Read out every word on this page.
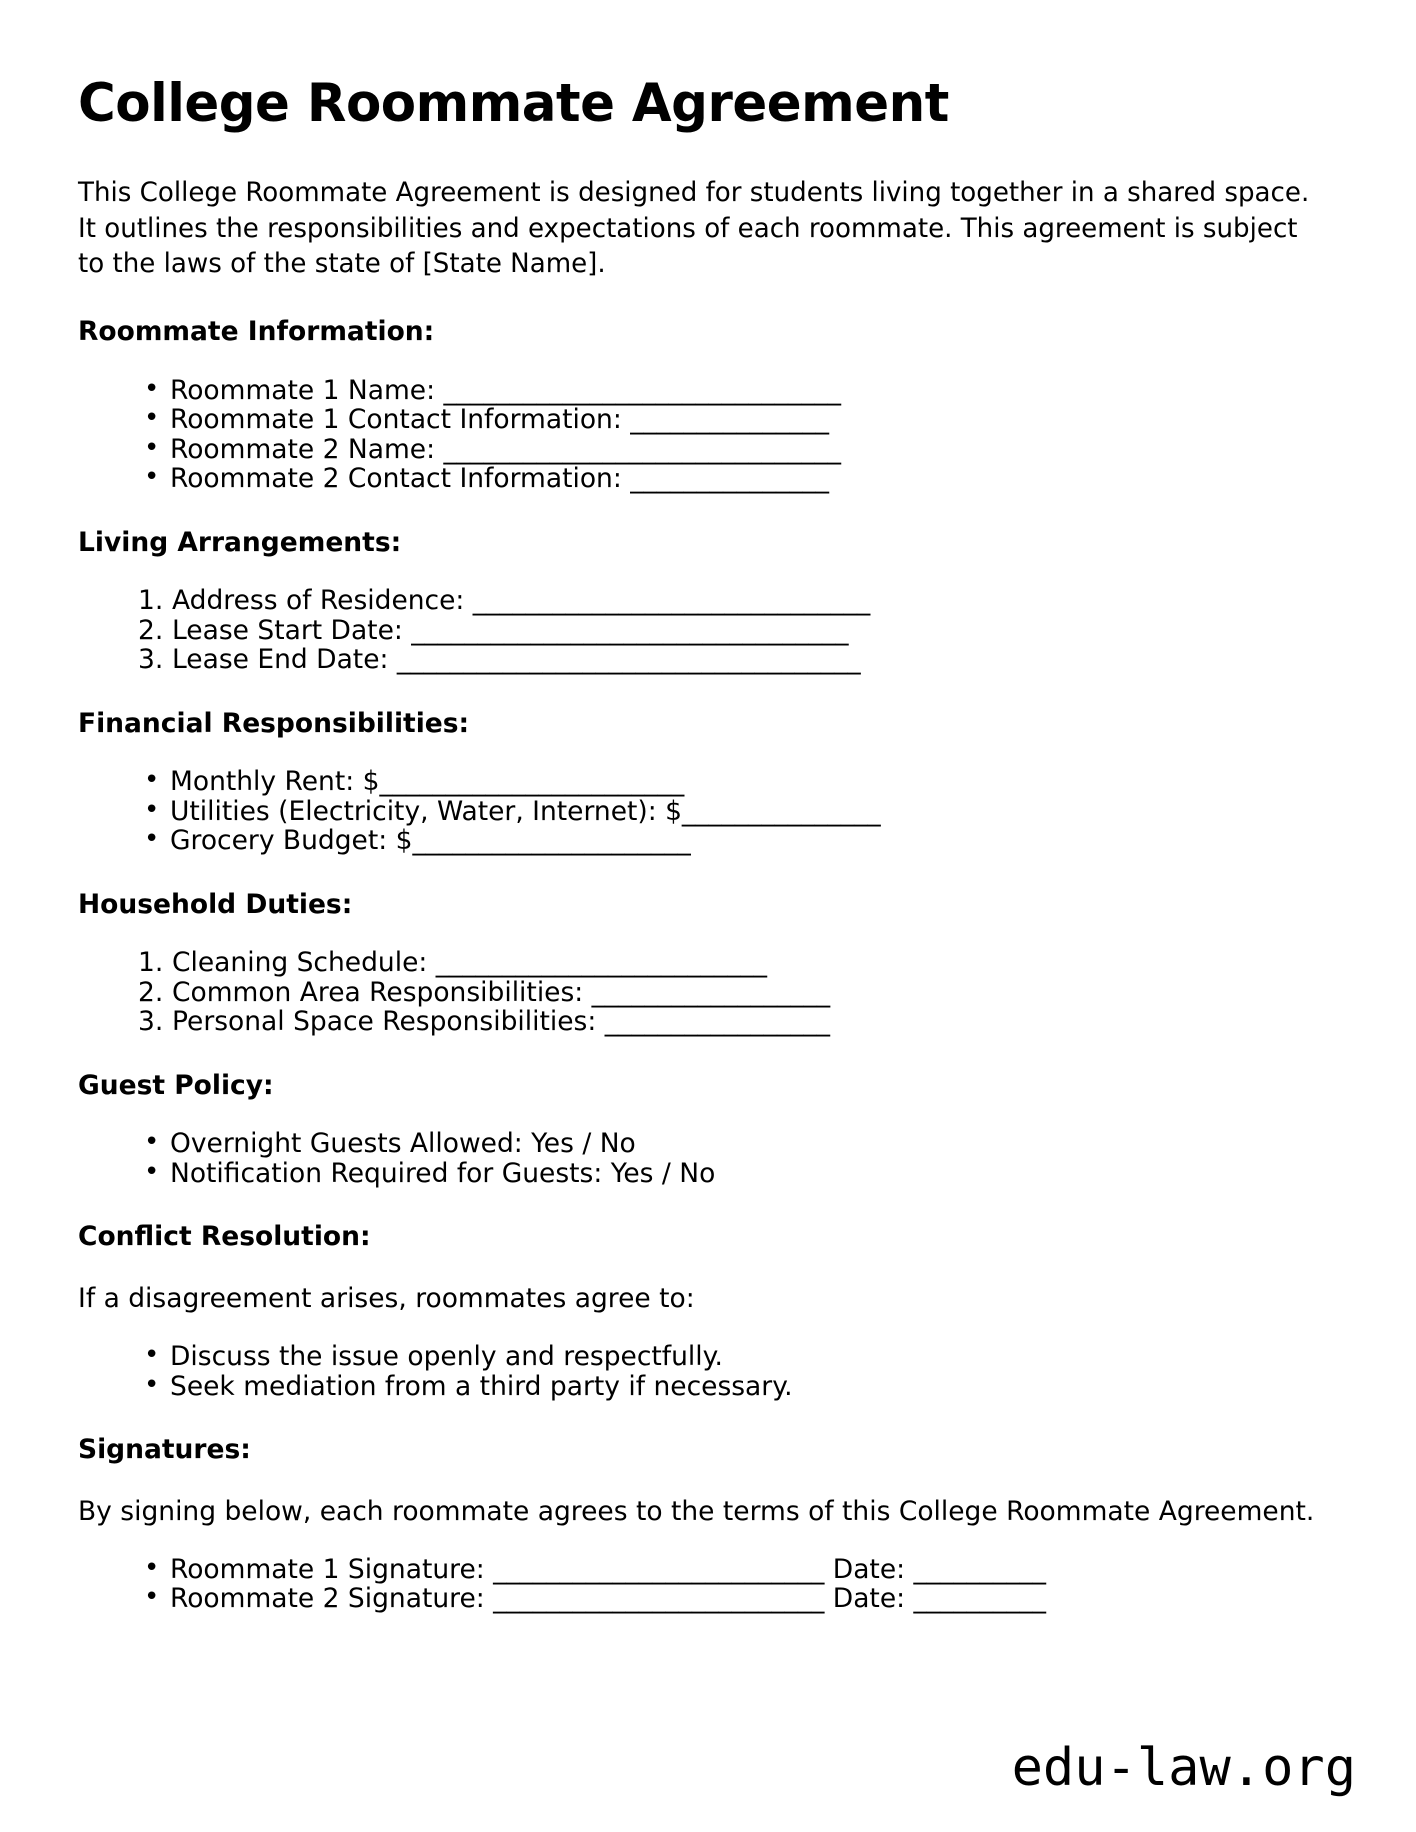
College Roommate Agreement

This College Roommate Agreement is designed for students living together in a shared space. It outlines the responsibilities and expectations of each roommate. This agreement is subject to the laws of the state of [State Name].

Roommate Information:
• Roommate 1 Name: ______________________________
• Roommate 1 Contact Information: _______________
• Roommate 2 Name: ______________________________
• Roommate 2 Contact Information: _______________
Living Arrangements:
Address of Residence: ______________________________
Lease Start Date: _________________________________
Lease End Date: ___________________________________
Financial Responsibilities:
• Monthly Rent: $_______________________
• Utilities (Electricity, Water, Internet): $_______________
• Grocery Budget: $_____________________
Household Duties:
Cleaning Schedule: _________________________
Common Area Responsibilities: __________________
Personal Space Responsibilities: _________________
Guest Policy:
• Overnight Guests Allowed: Yes / No
• Notification Required for Guests: Yes / No
Conflict Resolution:

If a disagreement arises, roommates agree to:

• Discuss the issue openly and respectfully.
• Seek mediation from a third party if necessary.
Signatures:

By signing below, each roommate agrees to the terms of this College Roommate Agreement.

• Roommate 1 Signature: _________________________ Date: __________
• Roommate 2 Signature: _________________________ Date: __________
edu-law.org
